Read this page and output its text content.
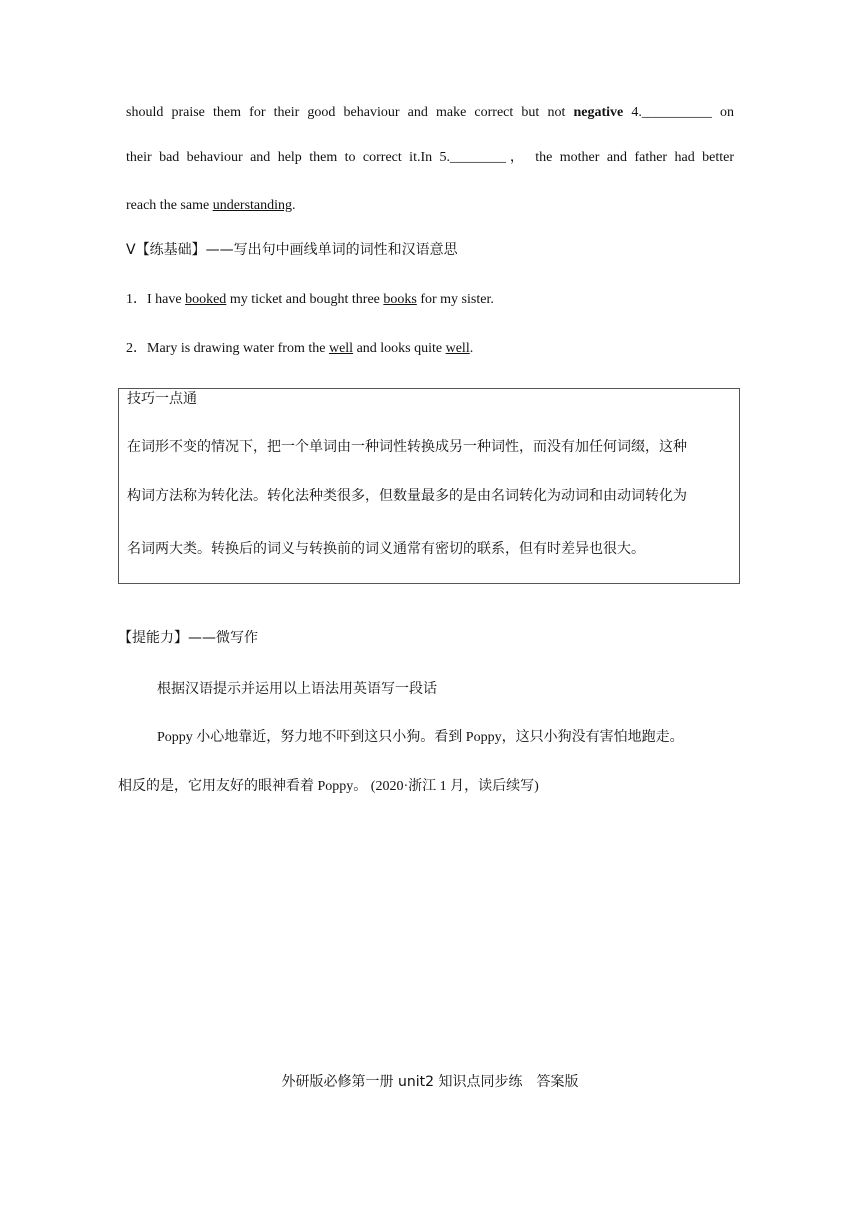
should praise them for their good behaviour and make correct but not negative 4.__________ on
their bad behaviour and help them to correct it.In 5.________， the mother and father had better
reach the same understanding.
Ⅴ【练基础】——写出句中画线单词的词性和汉语意思
1．I have booked my ticket and bought three books for my sister.
2．Mary is drawing water from the well and looks quite well.
技巧一点通
在词形不变的情况下，把一个单词由一种词性转换成另一种词性，而没有加任何词缀，这种
构词方法称为转化法。转化法种类很多，但数量最多的是由名词转化为动词和由动词转化为
名词两大类。转换后的词义与转换前的词义通常有密切的联系，但有时差异也很大。
【提能力】——微写作
根据汉语提示并运用以上语法用英语写一段话
Poppy 小心地靠近，努力地不吓到这只小狗。看到 Poppy，这只小狗没有害怕地跑走。
相反的是，它用友好的眼神看着 Poppy。 (2020·浙江 1 月，读后续写)
外研版必修第一册 unit2 知识点同步练　答案版
